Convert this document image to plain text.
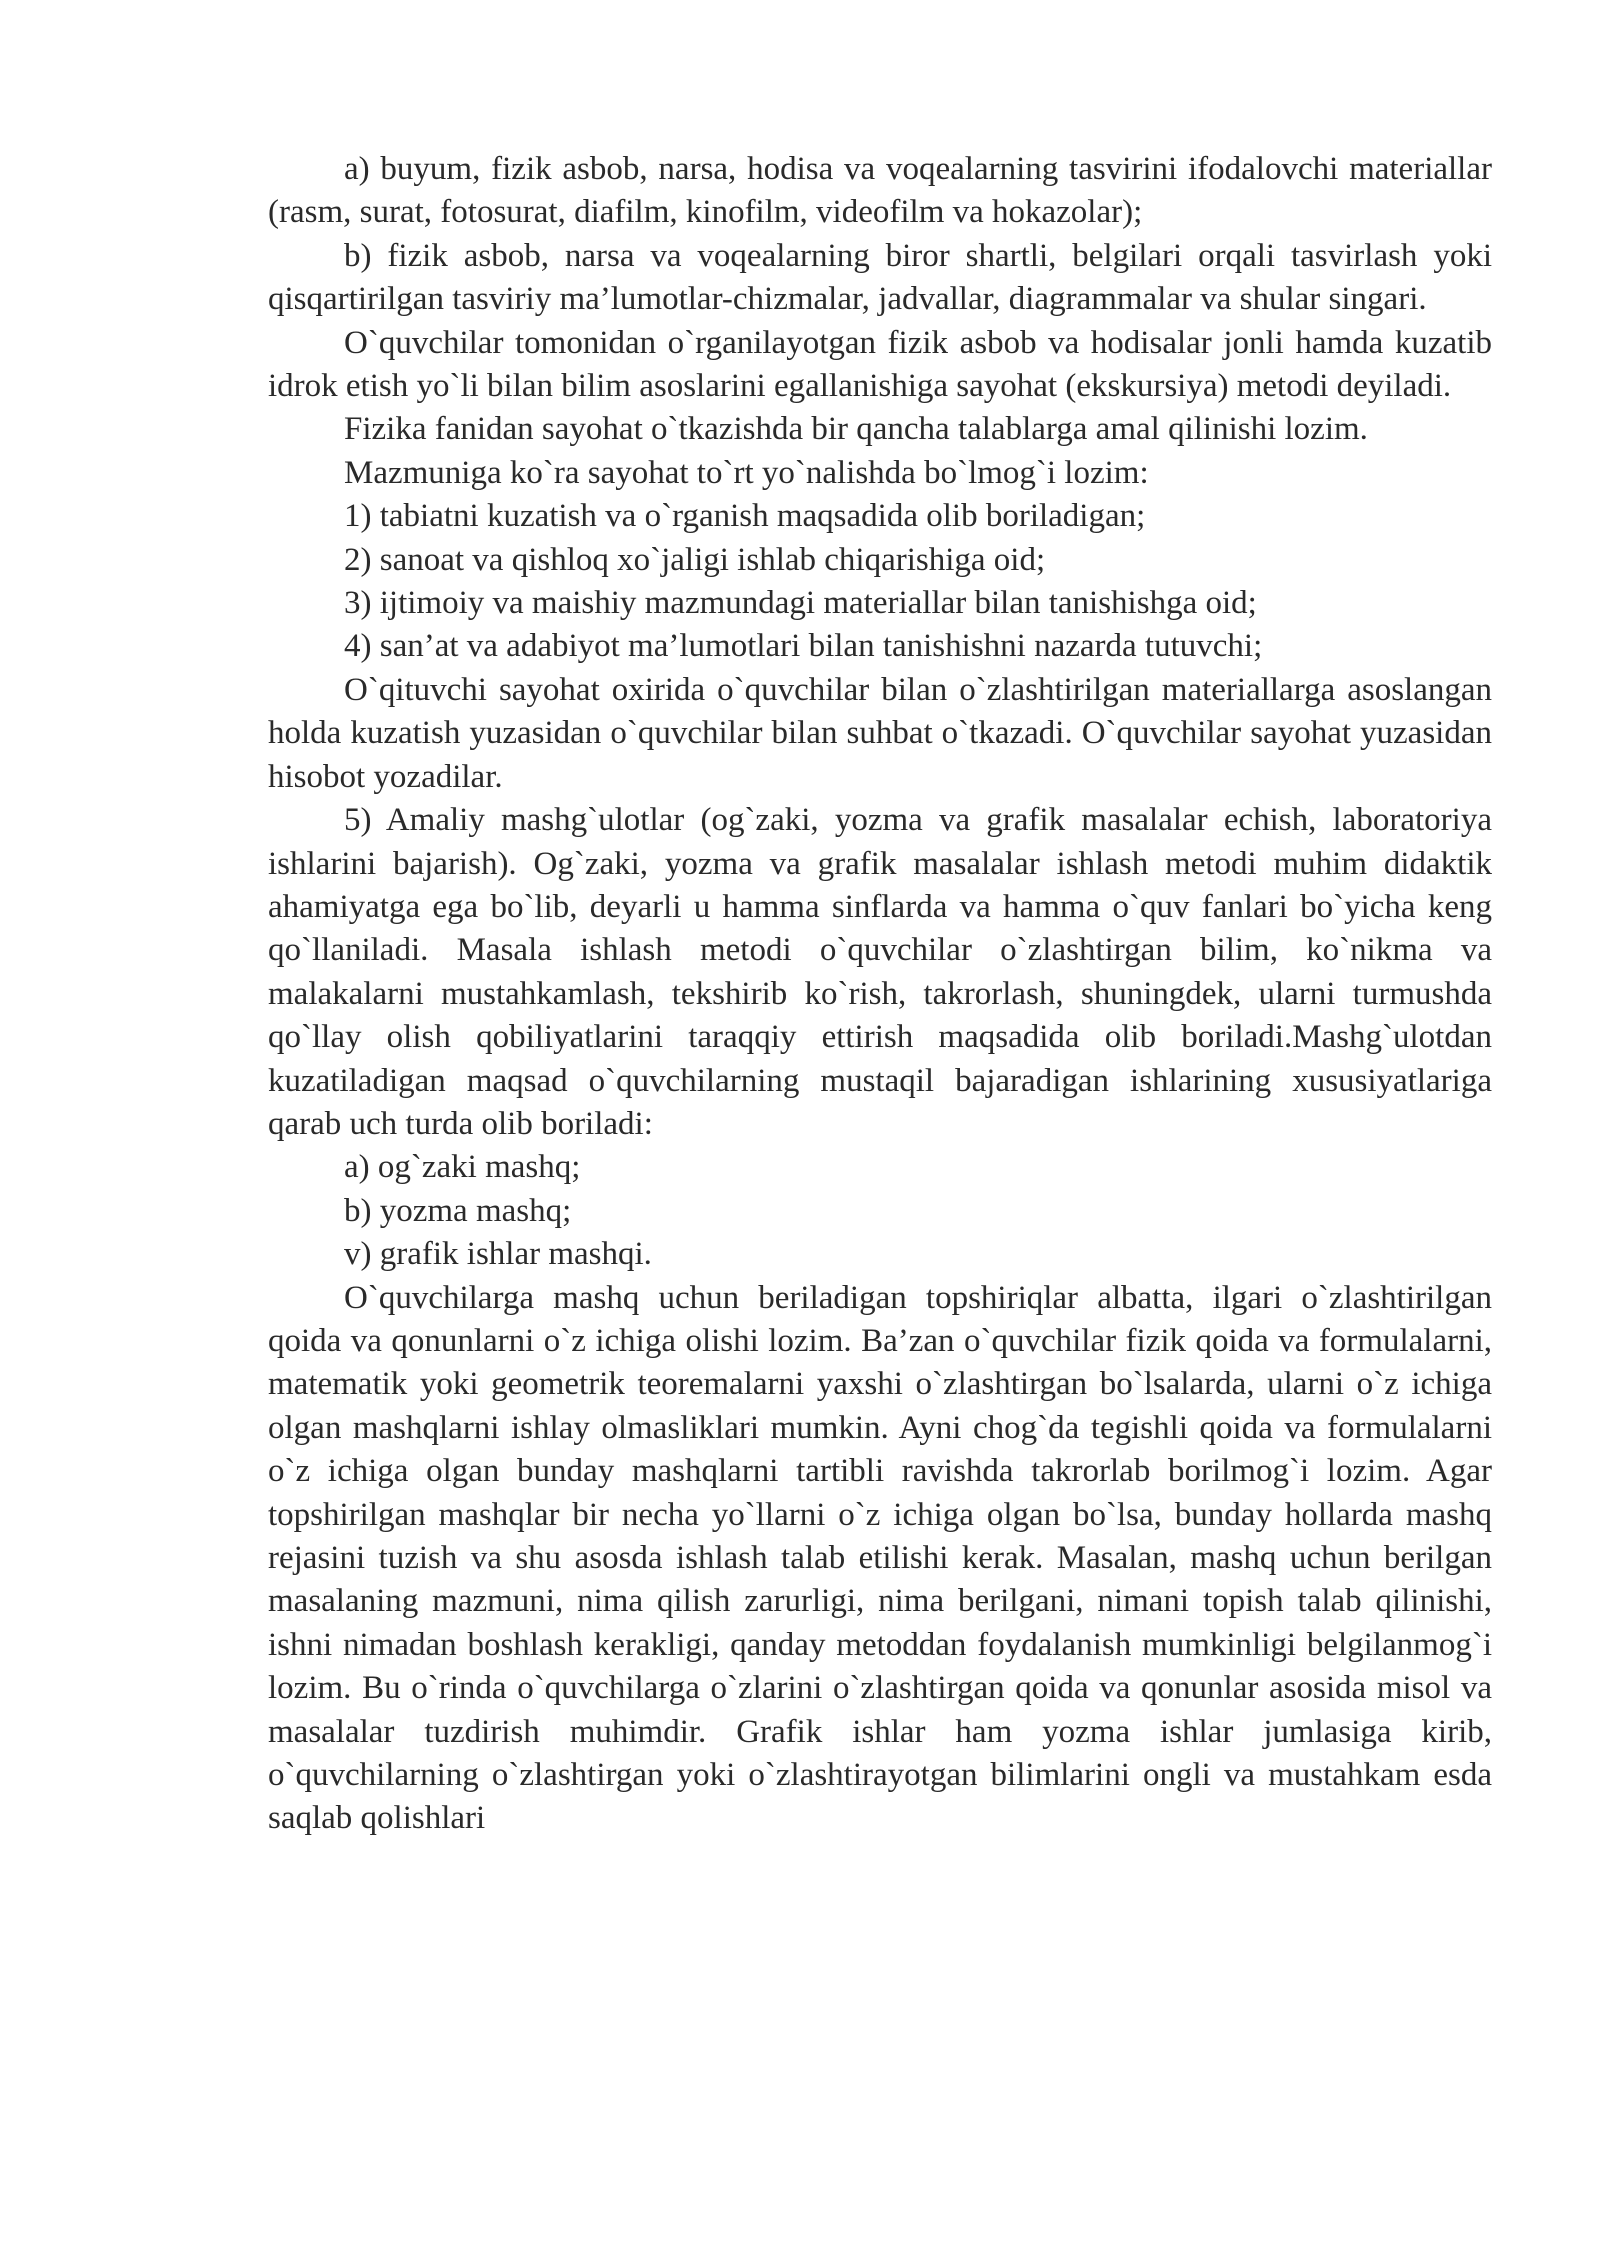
a) buyum, fizik asbob, narsa, hodisa va voqealarning tasvirini ifodalovchi materiallar (rasm, surat, fotosurat, diafilm, kinofilm, videofilm va hokazolar);

b) fizik asbob, narsa va voqealarning biror shartli, belgilari orqali tasvirlash yoki qisqartirilgan tasviriy ma’lumotlar-chizmalar, jadvallar, diagrammalar va shular singari.

O`quvchilar tomonidan o`rganilayotgan fizik asbob va hodisalar jonli hamda kuzatib idrok etish yo`li bilan bilim asoslarini egallanishiga sayohat (ekskursiya) metodi deyiladi.

Fizika fanidan sayohat o`tkazishda bir qancha talablarga amal qilinishi lozim.

Mazmuniga ko`ra sayohat to`rt yo`nalishda bo`lmog`i lozim:

1) tabiatni kuzatish va o`rganish maqsadida olib boriladigan;

2) sanoat va qishloq xo`jaligi ishlab chiqarishiga oid;

3) ijtimoiy va maishiy mazmundagi materiallar bilan tanishishga oid;

4) san’at va adabiyot ma’lumotlari bilan tanishishni nazarda tutuvchi;

O`qituvchi sayohat oxirida o`quvchilar bilan o`zlashtirilgan materiallarga asoslangan holda kuzatish yuzasidan o`quvchilar bilan suhbat o`tkazadi. O`quvchilar sayohat yuzasidan hisobot yozadilar.

5) Amaliy mashg`ulotlar (og`zaki, yozma va grafik masalalar echish, laboratoriya ishlarini bajarish). Og`zaki, yozma va grafik masalalar ishlash metodi muhim didaktik ahamiyatga ega bo`lib, deyarli u hamma sinflarda va hamma o`quv fanlari bo`yicha keng qo`llaniladi. Masala ishlash metodi o`quvchilar o`zlashtirgan bilim, ko`nikma va malakalarni mustahkamlash, tekshirib ko`rish, takrorlash, shuningdek, ularni turmushda qo`llay olish qobiliyatlarini taraqqiy ettirish maqsadida olib boriladi.Mashg`ulotdan kuzatiladigan maqsad o`quvchilarning mustaqil bajaradigan ishlarining xususiyatlariga qarab uch turda olib boriladi:

a) og`zaki mashq;

b) yozma mashq;

v) grafik ishlar mashqi.

O`quvchilarga mashq uchun beriladigan topshiriqlar albatta, ilgari o`zlashtirilgan qoida va qonunlarni o`z ichiga olishi lozim. Ba’zan o`quvchilar fizik qoida va formulalarni, matematik yoki geometrik teoremalarni yaxshi o`zlashtirgan bo`lsalarda, ularni o`z ichiga olgan mashqlarni ishlay olmasliklari mumkin. Ayni chog`da tegishli qoida va formulalarni o`z ichiga olgan bunday mashqlarni tartibli ravishda takrorlab borilmog`i lozim. Agar topshirilgan mashqlar bir necha yo`llarni o`z ichiga olgan bo`lsa, bunday hollarda mashq rejasini tuzish va shu asosda ishlash talab etilishi kerak. Masalan, mashq uchun berilgan masalaning mazmuni, nima qilish zarurligi, nima berilgani, nimani topish talab qilinishi, ishni nimadan boshlash kerakligi, qanday metoddan foydalanish mumkinligi belgilanmog`i lozim. Bu o`rinda o`quvchilarga o`zlarini o`zlashtirgan qoida va qonunlar asosida misol va masalalar tuzdirish muhimdir. Grafik ishlar ham yozma ishlar jumlasiga kirib, o`quvchilarning o`zlashtirgan yoki o`zlashtirayotgan bilimlarini ongli va mustahkam esda saqlab qolishlari
